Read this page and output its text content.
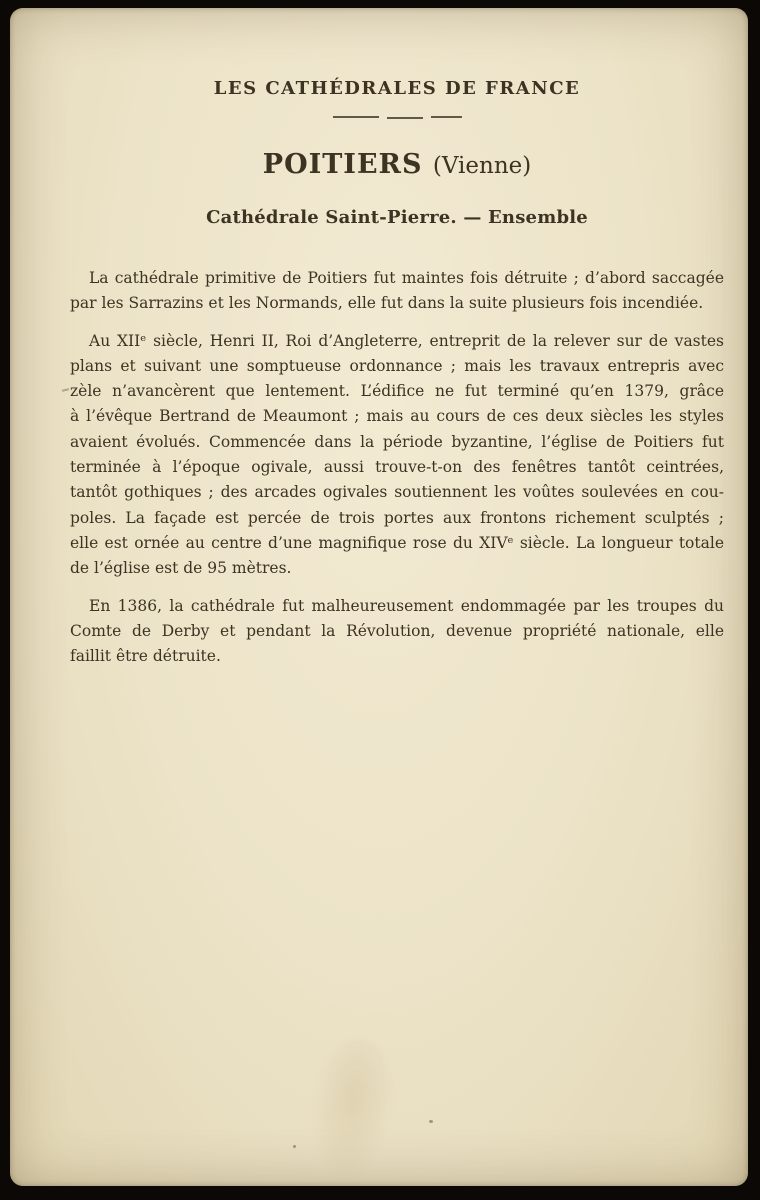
LES CATHÉDRALES DE FRANCE
POITIERS (Vienne)
Cathédrale Saint-Pierre. — Ensemble
La cathédrale primitive de Poitiers fut maintes fois détruite ; d’abord saccagée
par les Sarrazins et les Normands, elle fut dans la suite plusieurs fois incendiée.
Au XIIᵉ siècle, Henri II, Roi d’Angleterre, entreprit de la relever sur de vastes
plans et suivant une somptueuse ordonnance ; mais les travaux entrepris avec
zèle n’avancèrent que lentement. L’édifice ne fut terminé qu’en 1379, grâce
à l’évêque Bertrand de Meaumont ; mais au cours de ces deux siècles les styles
avaient évolués. Commencée dans la période byzantine, l’église de Poitiers fut
terminée à l’époque ogivale, aussi trouve-t-on des fenêtres tantôt ceintrées,
tantôt gothiques ; des arcades ogivales soutiennent les voûtes soulevées en cou-
poles. La façade est percée de trois portes aux frontons richement sculptés ;
elle est ornée au centre d’une magnifique rose du XIVᵉ siècle. La longueur totale
de l’église est de 95 mètres.
En 1386, la cathédrale fut malheureusement endommagée par les troupes du
Comte de Derby et pendant la Révolution, devenue propriété nationale, elle
faillit être détruite.
